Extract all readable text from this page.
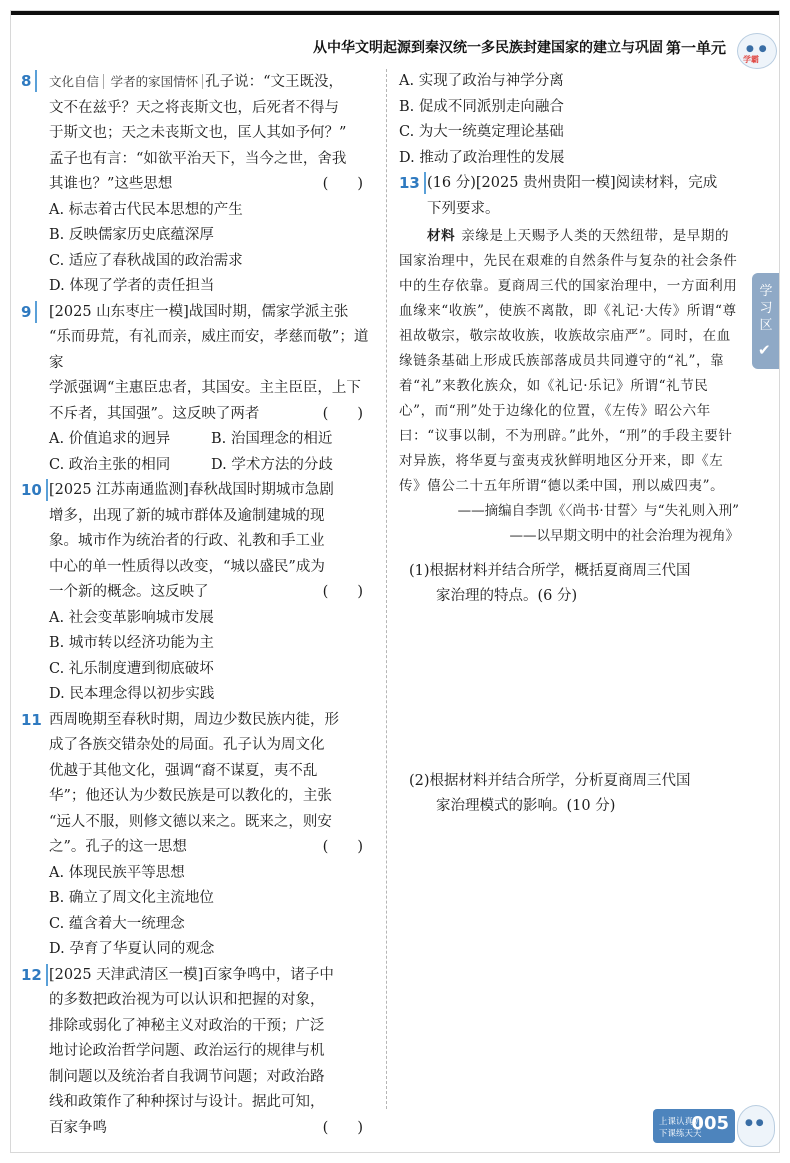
从中华文明起源到秦汉统一多民族封建国家的建立与巩固 第一单元 ● ●
学霸
8	文化自信 学者的家国情怀 孔子说：“文王既没，
文不在兹乎？天之将丧斯文也，后死者不得与
于斯文也；天之未丧斯文也，匡人其如予何？”
孟子也有言：“如欲平治天下，当今之世，舍我
其谁也？”这些思想	(　　)
A. 标志着古代民本思想的产生
B. 反映儒家历史底蕴深厚
C. 适应了春秋战国的政治需求
D. 体现了学者的责任担当
9	[2025 山东枣庄一模]战国时期，儒家学派主张
“乐而毋荒，有礼而亲，威庄而安，孝慈而敬”；道家
学派强调“主惠臣忠者，其国安。主主臣臣，上下
不斥者，其国强”。这反映了两者	(　　)
A. 价值追求的迥异	B. 治国理念的相近
C. 政治主张的相同	D. 学术方法的分歧
10 [2025 江苏南通监测]春秋战国时期城市急剧
增多，出现了新的城市群体及逾制建城的现
象。城市作为统治者的行政、礼教和手工业
中心的单一性质得以改变，“城以盛民”成为
一个新的概念。这反映了	(　　)
A. 社会变革影响城市发展
B. 城市转以经济功能为主
C. 礼乐制度遭到彻底破坏
D. 民本理念得以初步实践
11 西周晚期至春秋时期，周边少数民族内徙，形
成了各族交错杂处的局面。孔子认为周文化
优越于其他文化，强调“裔不谋夏，夷不乱
华”；他还认为少数民族是可以教化的，主张
“远人不服，则修文德以来之。既来之，则安
之”。孔子的这一思想	(　　)
A. 体现民族平等思想
B. 确立了周文化主流地位
C. 蕴含着大一统理念
D. 孕育了华夏认同的观念
12 [2025 天津武清区一模]百家争鸣中，诸子中
的多数把政治视为可以认识和把握的对象，
排除或弱化了神秘主义对政治的干预；广泛
地讨论政治哲学问题、政治运行的规律与机
制问题以及统治者自我调节问题；对政治路
线和政策作了种种探讨与设计。据此可知，
百家争鸣	(　　)
A. 实现了政治与神学分离
B. 促成不同派别走向融合
C. 为大一统奠定理论基础
D. 推动了政治理性的发展
13 (16 分)[2025 贵州贵阳一模]阅读材料，完成
下列要求。
材料 亲缘是上天赐予人类的天然纽带，是早期的国家治理中，先民在艰难的自然条件与复杂的社会条件中的生存依靠。夏商周三代的国家治理中，一方面利用血缘来“收族”，使族不离散，即《礼记·大传》所谓“尊祖故敬宗，敬宗故收族，收族故宗庙严”。同时，在血缘链条基础上形成氏族部落成员共同遵守的“礼”，靠着“礼”来教化族众，如《礼记·乐记》所谓“礼节民心”，而“刑”处于边缘化的位置，《左传》昭公六年曰：“议事以制，不为刑辟。”此外，“刑”的手段主要针对异族，将华夏与蛮夷戎狄鲜明地区分开来，即《左传》僖公二十五年所谓“德以柔中国，刑以威四夷”。
——摘编自李凯《〈尚书·甘誓〉与“失礼则入刑”
——以早期文明中的社会治理为视角》
(1)根据材料并结合所学，概括夏商周三代国
家治理的特点。(6 分)
(2)根据材料并结合所学，分析夏商周三代国
家治理模式的影响。(10 分)
学习区
✔
上课认真听
下课练天天
005 ● ●
